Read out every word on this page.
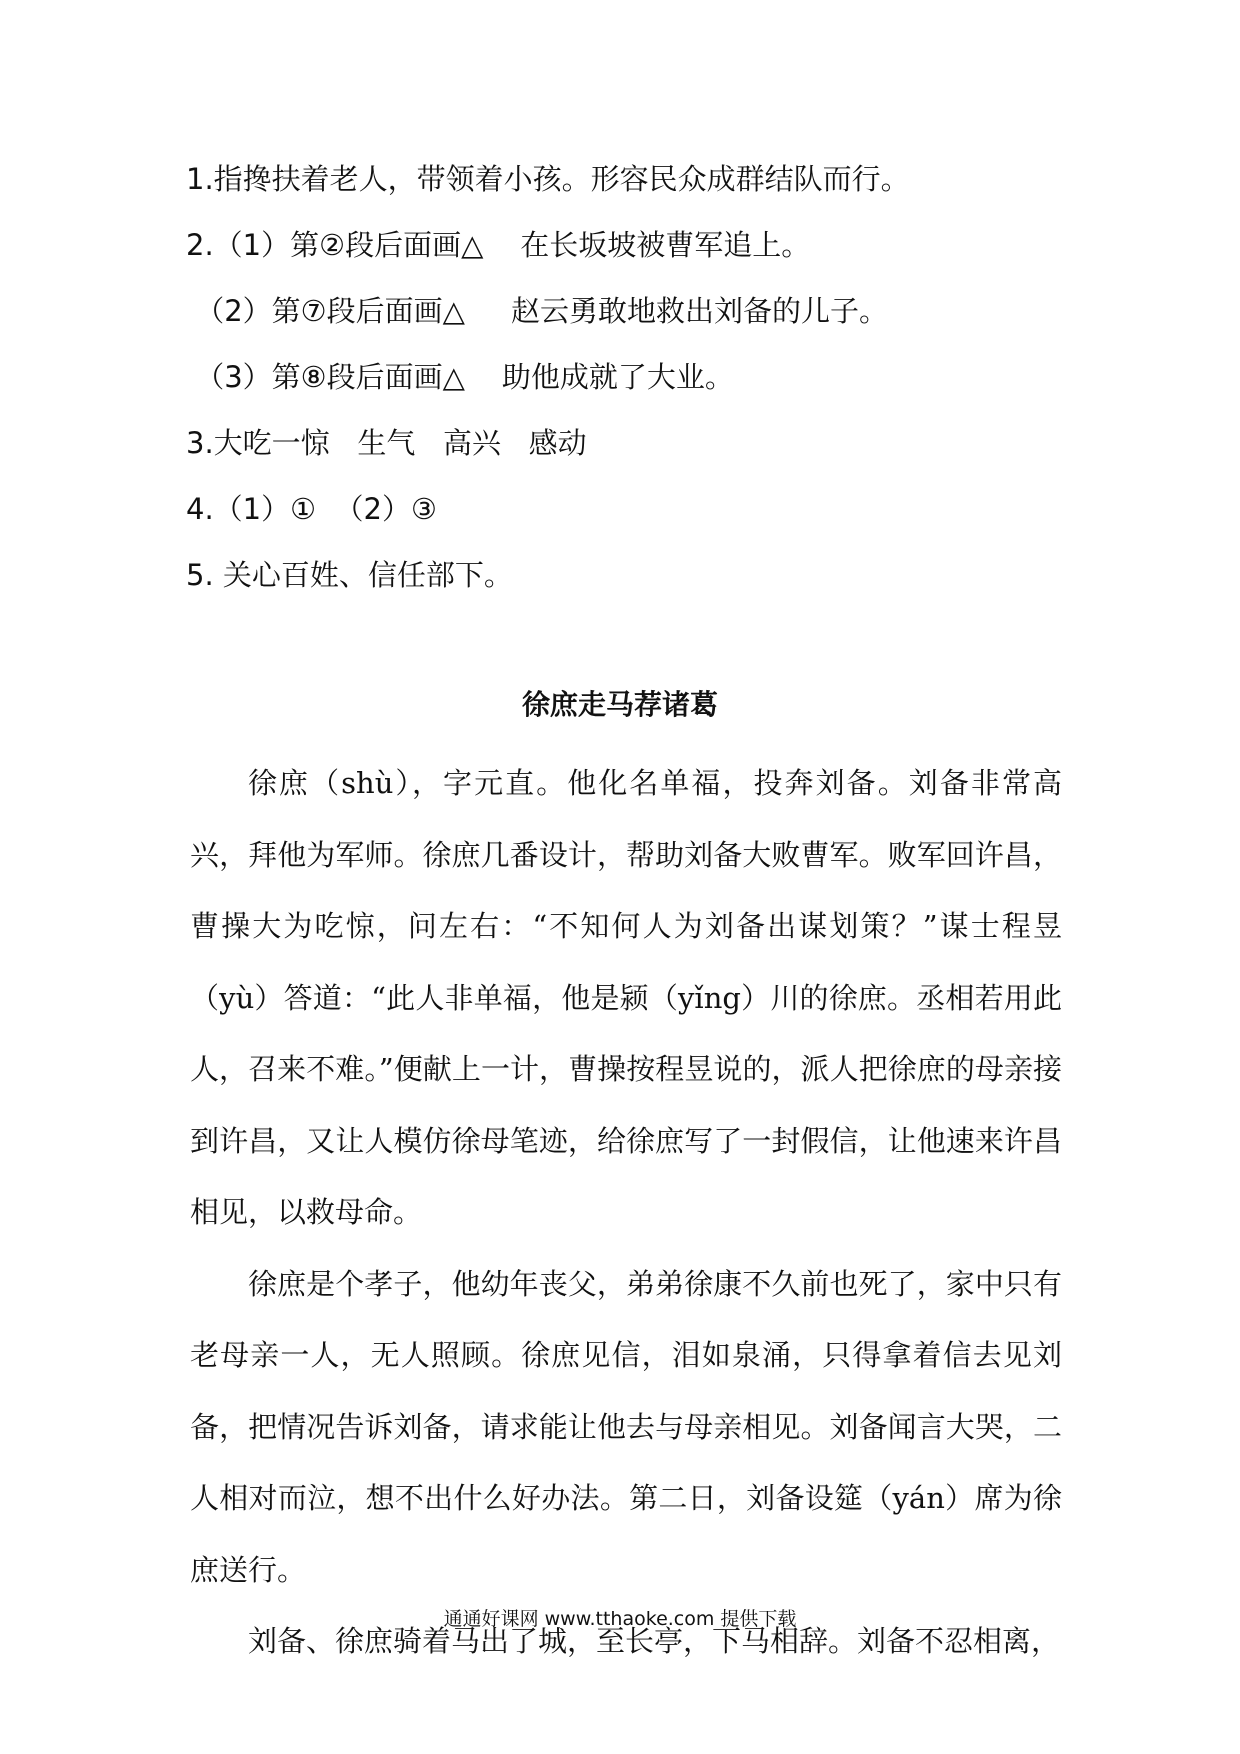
1.指搀扶着老人，带领着小孩。形容民众成群结队而行。
2.（1）第②段后面画△    在长坂坡被曹军追上。
（2）第⑦段后面画△     赵云勇敢地救出刘备的儿子。
（3）第⑧段后面画△    助他成就了大业。
3.大吃一惊   生气   高兴   感动
4.（1）①  （2）③
5. 关心百姓、信任部下。
徐庶走马荐诸葛

徐庶（shù），字元直。他化名单福，投奔刘备。刘备非常高兴，拜他为军师。徐庶几番设计，帮助刘备大败曹军。败军回许昌，曹操大为吃惊，问左右：“不知何人为刘备出谋划策？”谋士程昱（yù）答道：“此人非单福，他是颍（yǐng）川的徐庶。丞相若用此人，召来不难。”便献上一计，曹操按程昱说的，派人把徐庶的母亲接到许昌，又让人模仿徐母笔迹，给徐庶写了一封假信，让他速来许昌相见，以救母命。

徐庶是个孝子，他幼年丧父，弟弟徐康不久前也死了，家中只有老母亲一人，无人照顾。徐庶见信，泪如泉涌，只得拿着信去见刘备，把情况告诉刘备，请求能让他去与母亲相见。刘备闻言大哭，二人相对而泣，想不出什么好办法。第二日，刘备设筵（yán）席为徐庶送行。

刘备、徐庶骑着马出了城，至长亭，下马相辞。刘备不忍相离，

通通好课网 www.tthaoke.com 提供下载
